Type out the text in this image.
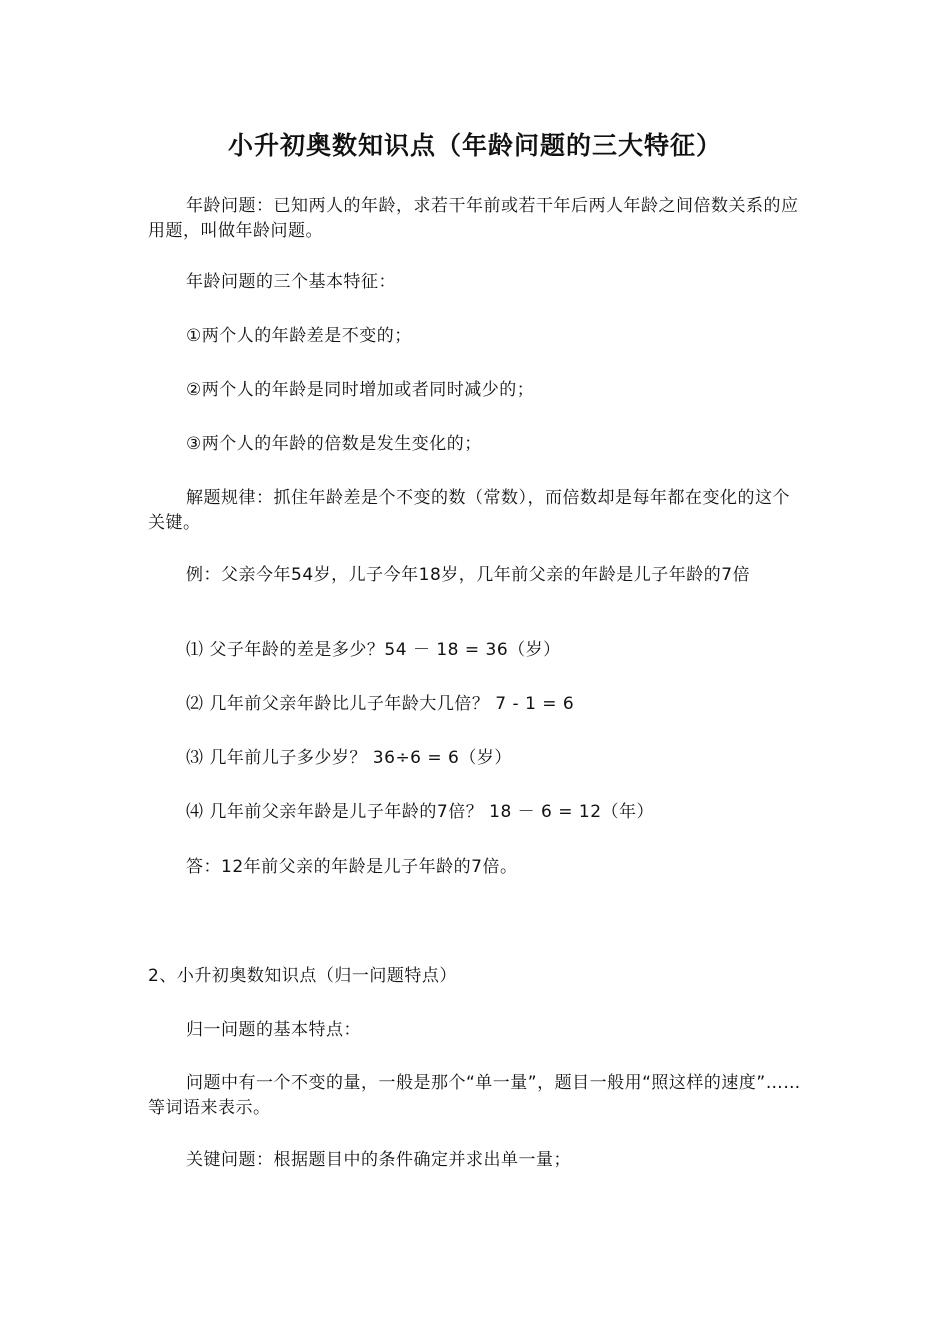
小升初奥数知识点（年龄问题的三大特征）

年龄问题：已知两人的年龄，求若干年前或若干年后两人年龄之间倍数关系的应用题，叫做年龄问题。

年龄问题的三个基本特征：

①两个人的年龄差是不变的；

②两个人的年龄是同时增加或者同时减少的；

③两个人的年龄的倍数是发生变化的；

解题规律：抓住年龄差是个不变的数（常数），而倍数却是每年都在变化的这个关键。

例：父亲今年54岁，儿子今年18岁，几年前父亲的年龄是儿子年龄的7倍

⑴ 父子年龄的差是多少？54 － 18 = 36（岁）

⑵ 几年前父亲年龄比儿子年龄大几倍？ 7 - 1 = 6

⑶ 几年前儿子多少岁？ 36÷6 = 6（岁）

⑷ 几年前父亲年龄是儿子年龄的7倍？ 18 － 6 = 12（年）

答：12年前父亲的年龄是儿子年龄的7倍。

2、小升初奥数知识点（归一问题特点）

归一问题的基本特点：

问题中有一个不变的量，一般是那个“单一量”，题目一般用“照这样的速度”……等词语来表示。

关键问题：根据题目中的条件确定并求出单一量；
